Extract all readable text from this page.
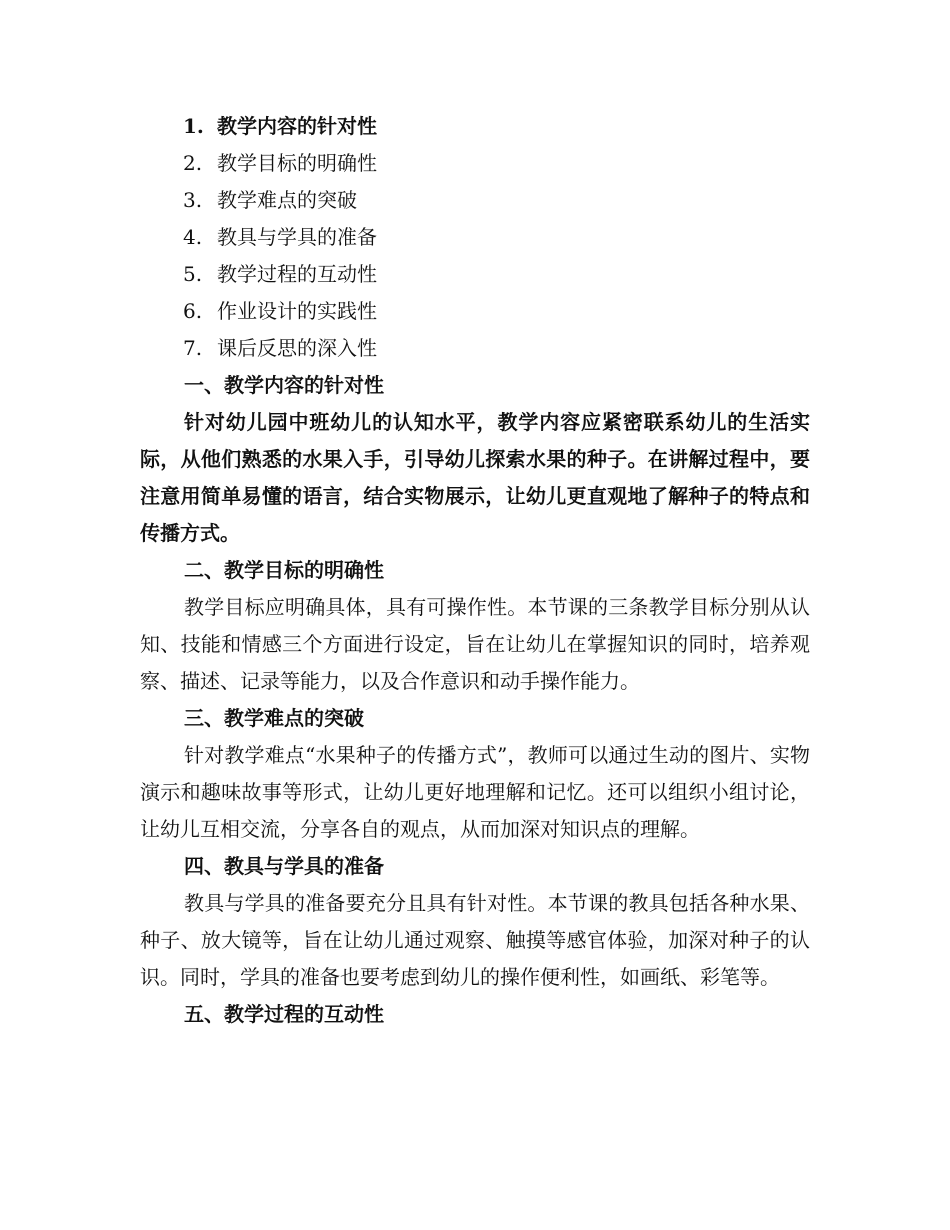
1. 教学内容的针对性
2. 教学目标的明确性
3. 教学难点的突破
4. 教具与学具的准备
5. 教学过程的互动性
6. 作业设计的实践性
7. 课后反思的深入性
一、教学内容的针对性

针对幼儿园中班幼儿的认知水平，教学内容应紧密联系幼儿的生活实际，从他们熟悉的水果入手，引导幼儿探索水果的种子。在讲解过程中，要注意用简单易懂的语言，结合实物展示，让幼儿更直观地了解种子的特点和传播方式。

二、教学目标的明确性

教学目标应明确具体，具有可操作性。本节课的三条教学目标分别从认知、技能和情感三个方面进行设定，旨在让幼儿在掌握知识的同时，培养观察、描述、记录等能力，以及合作意识和动手操作能力。

三、教学难点的突破

针对教学难点“水果种子的传播方式”，教师可以通过生动的图片、实物演示和趣味故事等形式，让幼儿更好地理解和记忆。还可以组织小组讨论，让幼儿互相交流，分享各自的观点，从而加深对知识点的理解。

四、教具与学具的准备

教具与学具的准备要充分且具有针对性。本节课的教具包括各种水果、种子、放大镜等，旨在让幼儿通过观察、触摸等感官体验，加深对种子的认识。同时，学具的准备也要考虑到幼儿的操作便利性，如画纸、彩笔等。

五、教学过程的互动性
